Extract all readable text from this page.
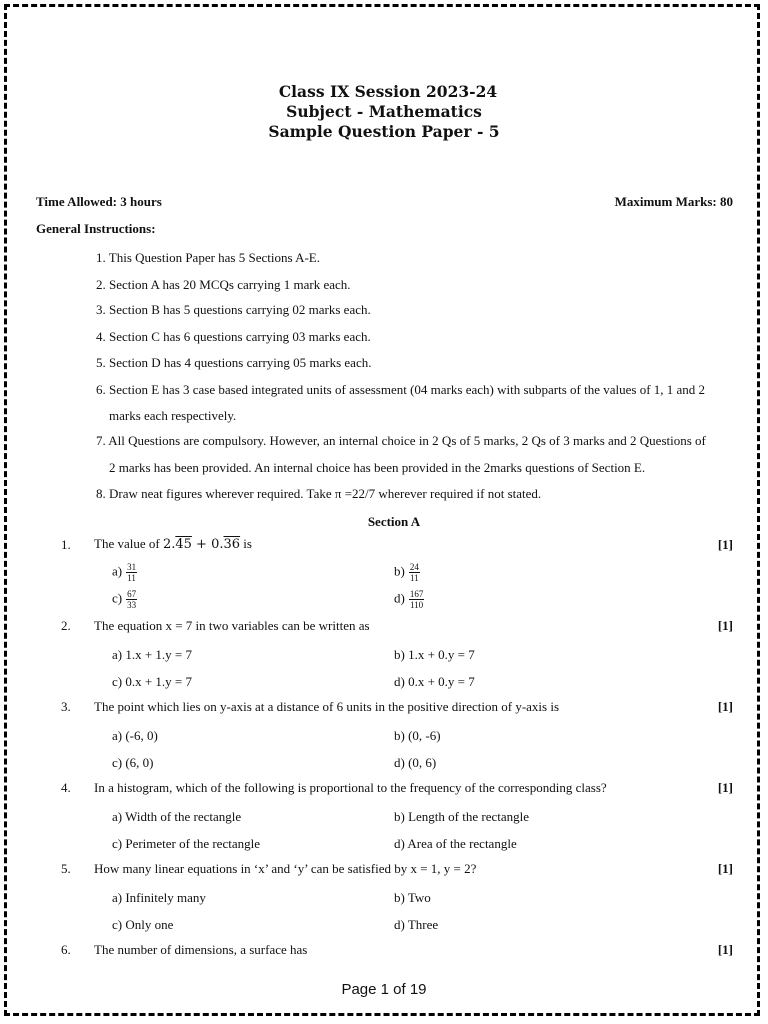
Class IX Session 2023-24
Subject - Mathematics
Sample Question Paper - 5
Time Allowed: 3 hours	Maximum Marks: 80
General Instructions:
1. This Question Paper has 5 Sections A-E.
2. Section A has 20 MCQs carrying 1 mark each.
3. Section B has 5 questions carrying 02 marks each.
4. Section C has 6 questions carrying 03 marks each.
5. Section D has 4 questions carrying 05 marks each.
6. Section E has 3 case based integrated units of assessment (04 marks each) with subparts of the values of 1, 1 and 2
marks each respectively.
7. All Questions are compulsory. However, an internal choice in 2 Qs of 5 marks, 2 Qs of 3 marks and 2 Questions of
2 marks has been provided. An internal choice has been provided in the 2marks questions of Section E.
8. Draw neat figures wherever required. Take π =22/7 wherever required if not stated.
Section A
1. The value of 2.45 + 0.36 is	[1]
$a) \frac{31}{11}$	$b) \frac{24}{11}$
$c) \frac{67}{33}$	$d) \frac{167}{110}$
2. The equation x = 7 in two variables can be written as	[1]
a) 1.x + 1.y = 7	b) 1.x + 0.y = 7
c) 0.x + 1.y = 7	d) 0.x + 0.y = 7
3. The point which lies on y-axis at a distance of 6 units in the positive direction of y-axis is	[1]
a) (-6, 0)	b) (0, -6)
c) (6, 0)	d) (0, 6)
4. In a histogram, which of the following is proportional to the frequency of the corresponding class?	[1]
a) Width of the rectangle	b) Length of the rectangle
c) Perimeter of the rectangle	d) Area of the rectangle
5. How many linear equations in ‘x’ and ‘y’ can be satisfied by x = 1, y = 2?	[1]
a) Infinitely many	b) Two
c) Only one	d) Three
6. The number of dimensions, a surface has	[1]
Page 1 of 19
